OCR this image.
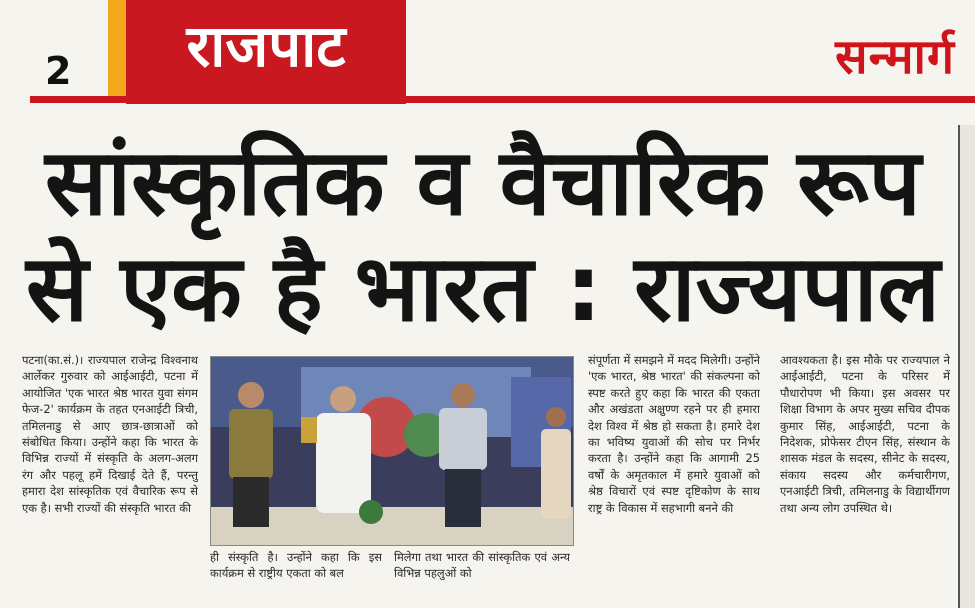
2	राजपाट	सन्मार्ग
सांस्कृतिक व वैचारिक रूप
से एक है भारत : राज्यपाल
पटना(का.सं.)। राज्यपाल राजेन्द्र विश्वनाथ आर्लेकर गुरुवार को आईआईटी, पटना में आयोजित 'एक भारत श्रेष्ठ भारत युवा संगम फेज-2' कार्यक्रम के तहत एनआईटी त्रिची, तमिलनाडु से आए छात्र-छात्राओं को संबोधित किया। उन्होंने कहा कि भारत के विभिन्न राज्यों में संस्कृति के अलग-अलग रंग और पहलू हमें दिखाई देते हैं, परन्तु हमारा देश सांस्कृतिक एवं वैचारिक रूप से एक है। सभी राज्यों की संस्कृति भारत की
ही संस्कृति है। उन्होंने कहा कि इस कार्यक्रम से राष्ट्रीय एकता को बल
मिलेगा तथा भारत की सांस्कृतिक एवं अन्य विभिन्न पहलुओं को
संपूर्णता में समझने में मदद मिलेगी। उन्होंने 'एक भारत, श्रेष्ठ भारत' की संकल्पना को स्पष्ट करते हुए कहा कि भारत की एकता और अखंडता अक्षुण्ण रहने पर ही हमारा देश विश्व में श्रेष्ठ हो सकता है। हमारे देश का भविष्य युवाओं की सोच पर निर्भर करता है। उन्होंने कहा कि आगामी 25 वर्षों के अमृतकाल में हमारे युवाओं को श्रेष्ठ विचारों एवं स्पष्ट दृष्टिकोण के साथ राष्ट्र के विकास में सहभागी बनने की
आवश्यकता है। इस मौके पर राज्यपाल ने आईआईटी, पटना के परिसर में पौधारोपण भी किया। इस अवसर पर शिक्षा विभाग के अपर मुख्य सचिव दीपक कुमार सिंह, आईआईटी, पटना के निदेशक, प्रोफेसर टीएन सिंह, संस्थान के शासक मंडल के सदस्य, सीनेट के सदस्य, संकाय सदस्य और कर्मचारीगण, एनआईटी त्रिची, तमिलनाडु के विद्यार्थीगण तथा अन्य लोग उपस्थित थे।
